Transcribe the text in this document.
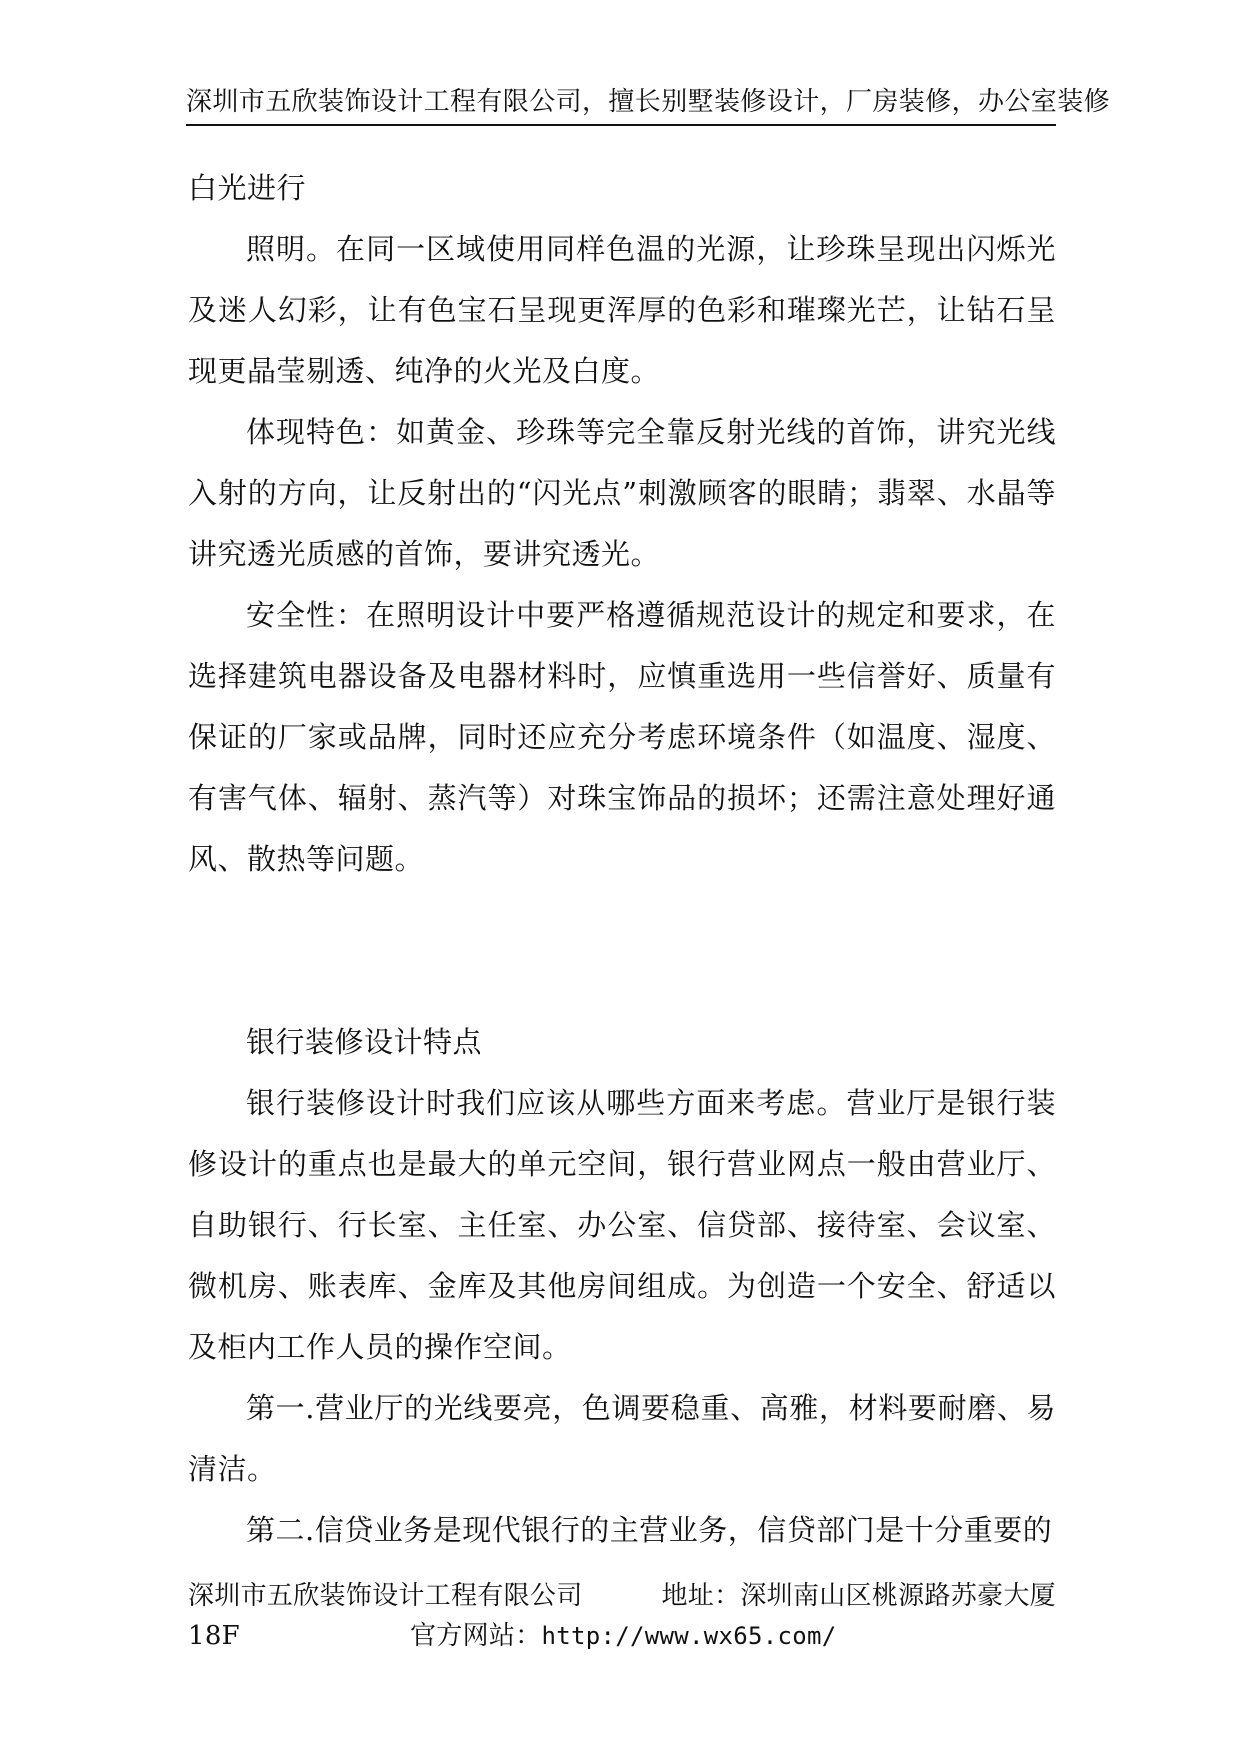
深圳市五欣装饰设计工程有限公司，擅长别墅装修设计，厂房装修，办公室装修

白光进行

照明。在同一区域使用同样色温的光源，让珍珠呈现出闪烁光及迷人幻彩，让有色宝石呈现更浑厚的色彩和璀璨光芒，让钻石呈现更晶莹剔透、纯净的火光及白度。

体现特色：如黄金、珍珠等完全靠反射光线的首饰，讲究光线入射的方向，让反射出的“闪光点”刺激顾客的眼睛；翡翠、水晶等讲究透光质感的首饰，要讲究透光。

安全性：在照明设计中要严格遵循规范设计的规定和要求，在选择建筑电器设备及电器材料时，应慎重选用一些信誉好、质量有保证的厂家或品牌，同时还应充分考虑环境条件（如温度、湿度、有害气体、辐射、蒸汽等）对珠宝饰品的损坏；还需注意处理好通风、散热等问题。

银行装修设计特点

银行装修设计时我们应该从哪些方面来考虑。营业厅是银行装修设计的重点也是最大的单元空间，银行营业网点一般由营业厅、自助银行、行长室、主任室、办公室、信贷部、接待室、会议室、微机房、账表库、金库及其他房间组成。为创造一个安全、舒适以及柜内工作人员的操作空间。

第一.营业厅的光线要亮，色调要稳重、高雅，材料要耐磨、易清洁。

第二.信贷业务是现代银行的主营业务，信贷部门是十分重要的

深圳市五欣装饰设计工程有限公司	地址：深圳南山区桃源路苏豪大厦
18F	官方网站：http://www.wx65.com/
